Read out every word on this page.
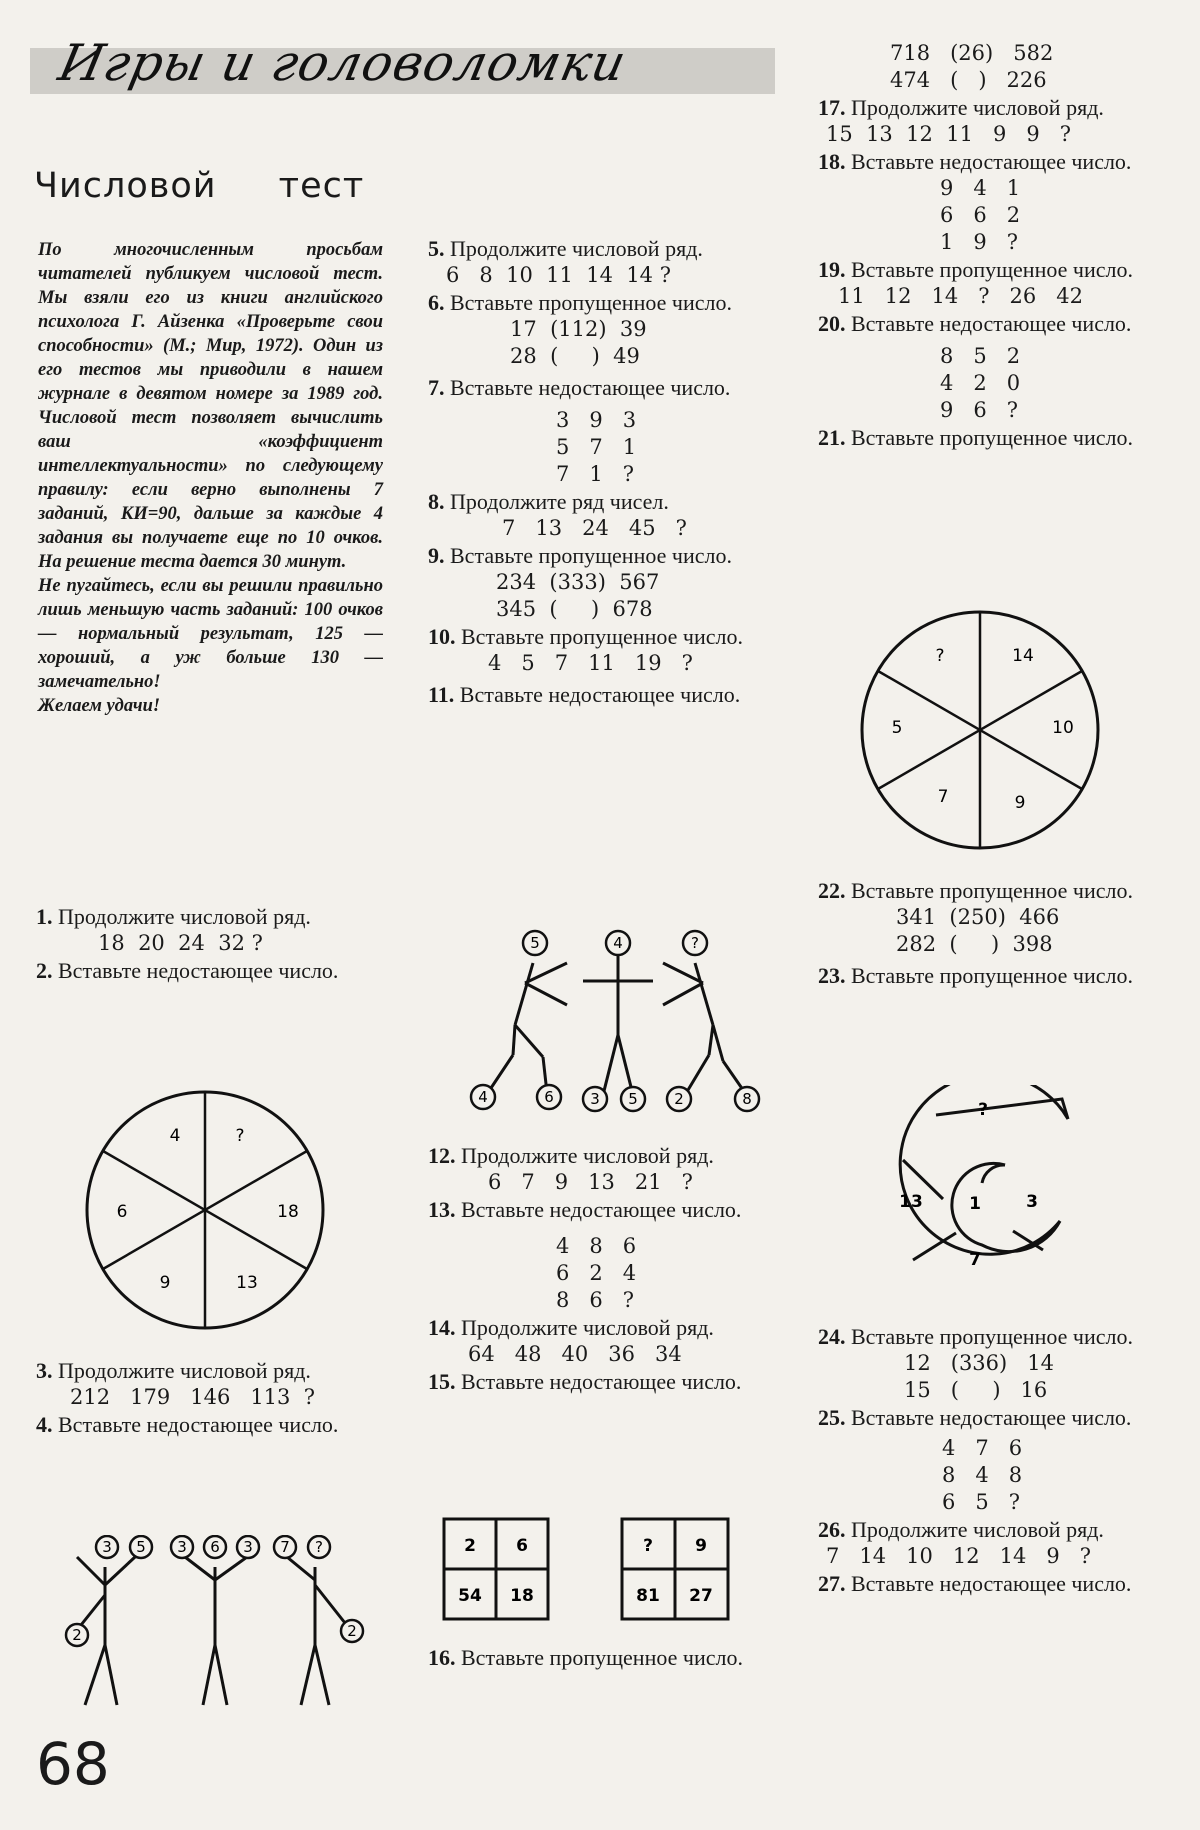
Игры и головоломки
Числовой тест

По многочисленным просьбам читателей публикуем числовой тест. Мы взяли его из книги английского психолога Г. Айзенка «Проверьте свои способности» (М.; Мир, 1972). Один из его тестов мы приводили в нашем журнале в девятом номере за 1989 год. Числовой тест позволяет вычислить ваш «коэффициент интеллектуальности» по следующему правилу: если верно выполнены 7 заданий, КИ=90, дальше за каждые 4 задания вы получаете еще по 10 очков. На решение теста дается 30 минут.

Не пугайтесь, если вы решили правильно лишь меньшую часть заданий: 100 очков — нормальный результат, 125 — хороший, а уж больше 130 — замечательно!

Желаем удачи!

1. Продолжите числовой ряд.

18  20  24  32 ?

2. Вставьте недостающее число.

4	?
18
13
9
6

3. Продолжите числовой ряд.

212   179   146   113  ?

4. Вставьте недостающее число.

3 5
2
3 6 3 7 ?
2
68

5. Продолжите числовой ряд.

6   8  10  11  14  14 ?

6. Вставьте пропущенное число.

17  (112)  39

28  (     )  49

7. Вставьте недостающее число.

3   9   3

5   7   1

7   1   ?

8. Продолжите ряд чисел.

7   13   24   45   ?

9. Вставьте пропущенное число.

234  (333)  567

345  (     )  678

10. Вставьте пропущенное число.

4   5   7   11   19   ?

11. Вставьте недостающее число.

5	4	?
4	6 3 5 2	8

12. Продолжите числовой ряд.

6   7   9   13   21   ?

13. Вставьте недостающее число.

4   8   6

6   2   4

8   6   ?

14. Продолжите числовой ряд.

64   48   40   36   34

15. Вставьте недостающее число.

2 6
54 18
? 9
81 27

16. Вставьте пропущенное число.

718   (26)   582

474   (   )   226

17. Продолжите числовой ряд.

15  13  12  11   9   9   ?

18. Вставьте недостающее число.

9   4   1

6   6   2

1   9   ?

19. Вставьте пропущенное число.

11   12   14   ?   26   42

20. Вставьте недостающее число.

8   5   2

4   2   0

9   6   ?

21. Вставьте пропущенное число.

?	14
10
9
7
5

22. Вставьте пропущенное число.

341  (250)  466

282  (     )  398

23. Вставьте пропущенное число.

?
13	1	3
7

24. Вставьте пропущенное число.

12   (336)   14

15   (     )   16

25. Вставьте недостающее число.

4   7   6

8   4   8

6   5   ?

26. Продолжите числовой ряд.

7   14   10   12   14   9   ?

27. Вставьте недостающее число.
